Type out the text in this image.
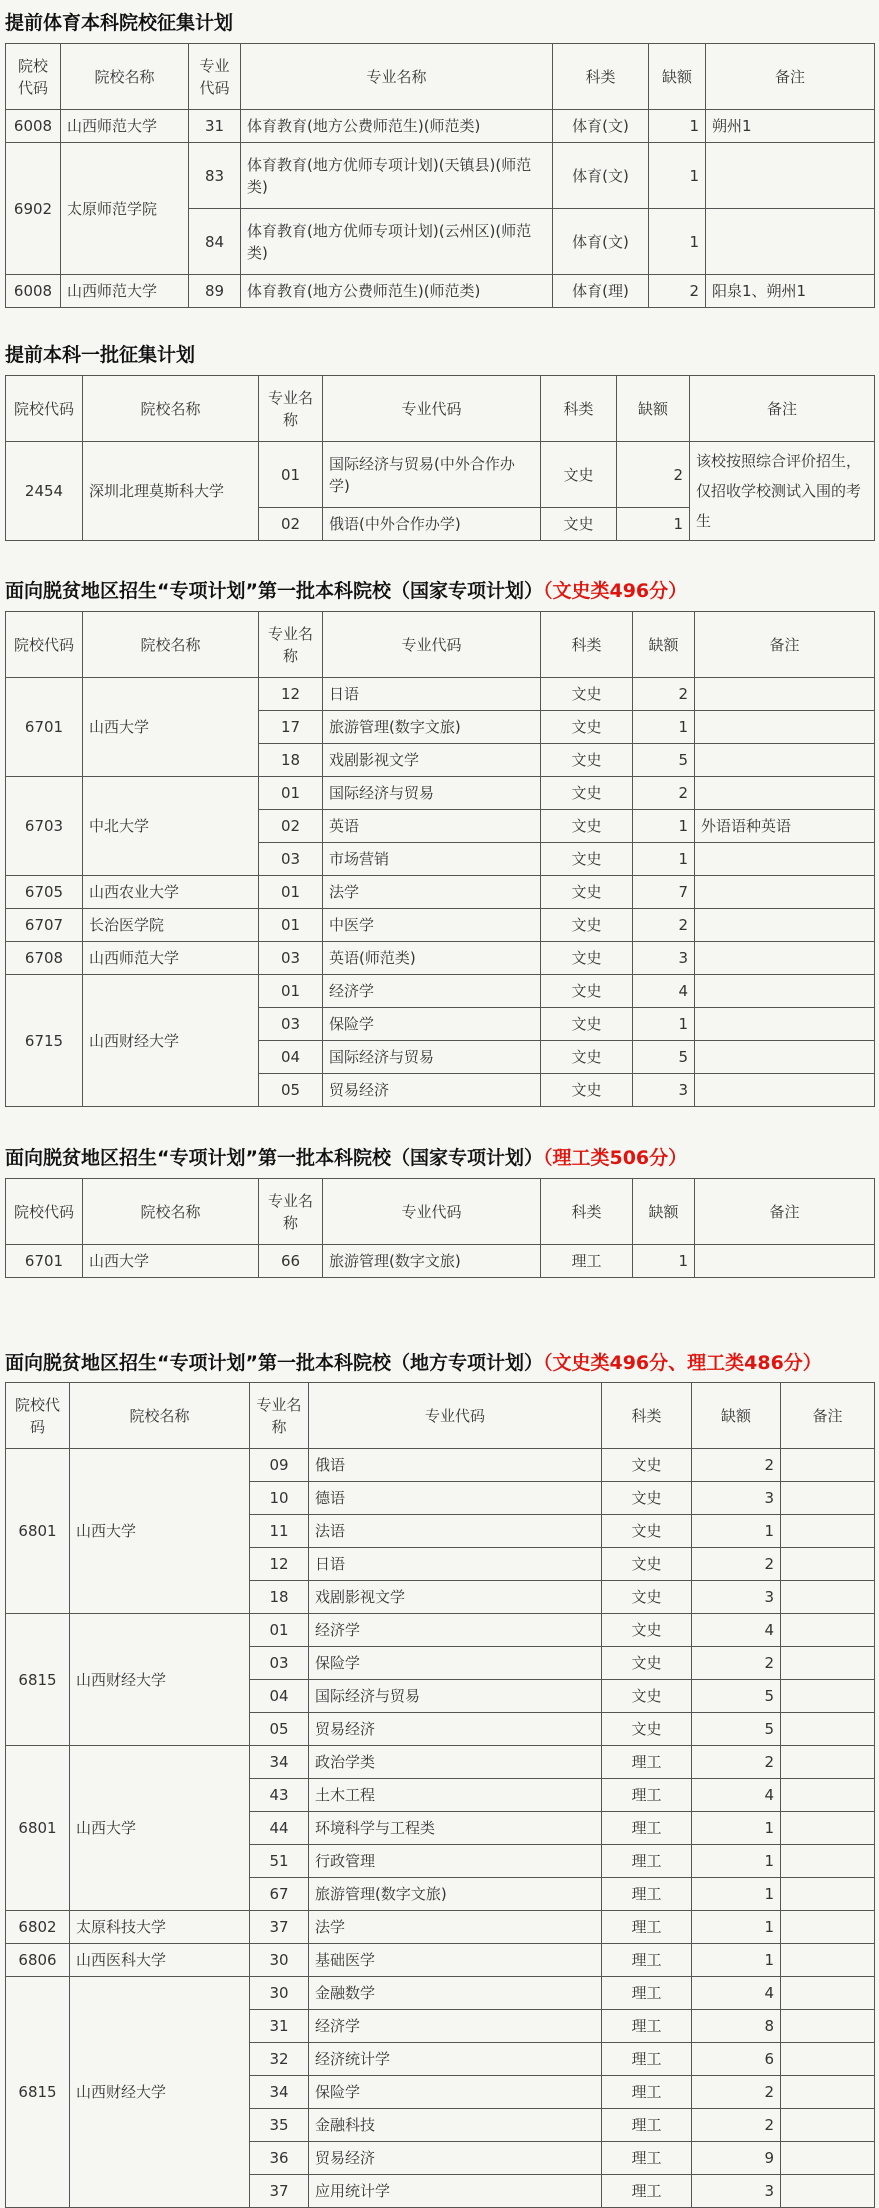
提前体育本科院校征集计划
院校代码	院校名称	专业代码	专业名称	科类	缺额	备注
6008	山西师范大学	31	体育教育(地方公费师范生)(师范类)	体育(文)	1	朔州1
6902	太原师范学院	83	体育教育(地方优师专项计划)(天镇县)(师范类)	体育(文)	1	
		84	体育教育(地方优师专项计划)(云州区)(师范类)	体育(文)	1	
6008	山西师范大学	89	体育教育(地方公费师范生)(师范类)	体育(理)	2	阳泉1、朔州1
提前本科一批征集计划
院校代码	院校名称	专业名称	专业代码	科类	缺额	备注
2454	深圳北理莫斯科大学	01	国际经济与贸易(中外合作办学)	文史	2	该校按照综合评价招生，仅招收学校测试入围的考生
		02	俄语(中外合作办学)	文史	1	
面向脱贫地区招生“专项计划”第一批本科院校（国家专项计划）（文史类496分）
院校代码	院校名称	专业名称	专业代码	科类	缺额	备注
6701	山西大学	12	日语	文史	2	
		17	旅游管理(数字文旅)	文史	1	
		18	戏剧影视文学	文史	5	
6703	中北大学	01	国际经济与贸易	文史	2	
		02	英语	文史	1	外语语种英语
		03	市场营销	文史	1	
6705	山西农业大学	01	法学	文史	7	
6707	长治医学院	01	中医学	文史	2	
6708	山西师范大学	03	英语(师范类)	文史	3	
6715	山西财经大学	01	经济学	文史	4	
		03	保险学	文史	1	
		04	国际经济与贸易	文史	5	
		05	贸易经济	文史	3	
面向脱贫地区招生“专项计划”第一批本科院校（国家专项计划）（理工类506分）
院校代码	院校名称	专业名称	专业代码	科类	缺额	备注
6701	山西大学	66	旅游管理(数字文旅)	理工	1	
面向脱贫地区招生“专项计划”第一批本科院校（地方专项计划）（文史类496分、理工类486分）
院校代码	院校名称	专业名称	专业代码	科类	缺额	备注
6801	山西大学	09	俄语	文史	2	
		10	德语	文史	3	
		11	法语	文史	1	
		12	日语	文史	2	
		18	戏剧影视文学	文史	3	
6815	山西财经大学	01	经济学	文史	4	
		03	保险学	文史	2	
		04	国际经济与贸易	文史	5	
		05	贸易经济	文史	5	
6801	山西大学	34	政治学类	理工	2	
		43	土木工程	理工	4	
		44	环境科学与工程类	理工	1	
		51	行政管理	理工	1	
		67	旅游管理(数字文旅)	理工	1	
6802	太原科技大学	37	法学	理工	1	
6806	山西医科大学	30	基础医学	理工	1	
6815	山西财经大学	30	金融数学	理工	4	
		31	经济学	理工	8	
		32	经济统计学	理工	6	
		34	保险学	理工	2	
		35	金融科技	理工	2	
		36	贸易经济	理工	9	
		37	应用统计学	理工	3	
